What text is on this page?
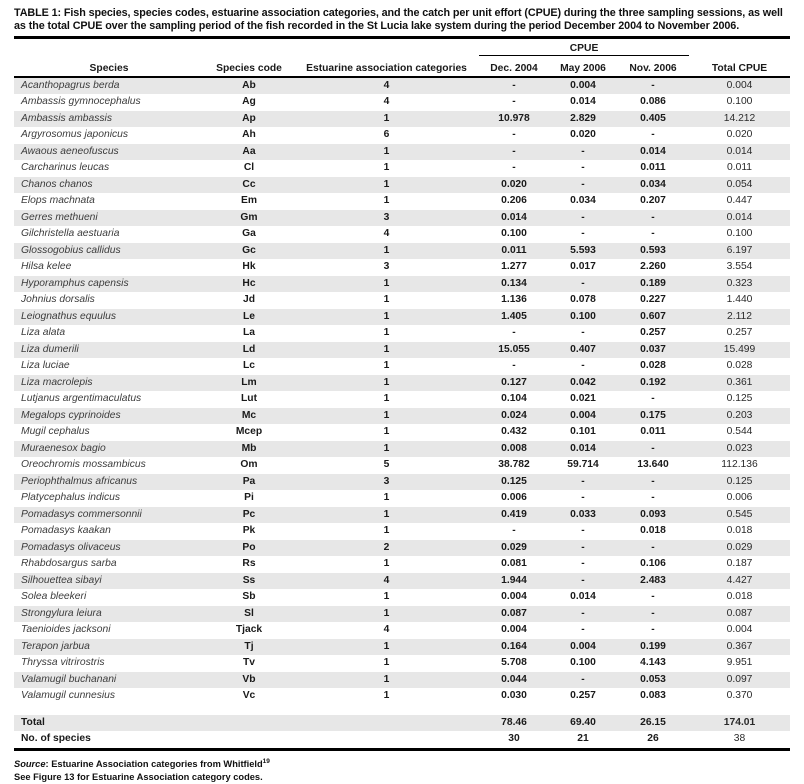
TABLE 1: Fish species, species codes, estuarine association categories, and the catch per unit effort (CPUE) during the three sampling sessions, as well as the total CPUE over the sampling period of the fish recorded in the St Lucia lake system during the period December 2004 to November 2006.
			CPUE			
Species	Species code	Estuarine association categories	Dec. 2004	May 2006	Nov. 2006	Total CPUE
Acanthopagrus berda	Ab	4	-	0.004	-	0.004
Ambassis gymnocephalus	Ag	4	-	0.014	0.086	0.100
Ambassis ambassis	Ap	1	10.978	2.829	0.405	14.212
Argyrosomus japonicus	Ah	6	-	0.020	-	0.020
Awaous aeneofuscus	Aa	1	-	-	0.014	0.014
Carcharinus leucas	Cl	1	-	-	0.011	0.011
Chanos chanos	Cc	1	0.020	-	0.034	0.054
Elops machnata	Em	1	0.206	0.034	0.207	0.447
Gerres methueni	Gm	3	0.014	-	-	0.014
Gilchristella aestuaria	Ga	4	0.100	-	-	0.100
Glossogobius callidus	Gc	1	0.011	5.593	0.593	6.197
Hilsa kelee	Hk	3	1.277	0.017	2.260	3.554
Hyporamphus capensis	Hc	1	0.134	-	0.189	0.323
Johnius dorsalis	Jd	1	1.136	0.078	0.227	1.440
Leiognathus equulus	Le	1	1.405	0.100	0.607	2.112
Liza alata	La	1	-	-	0.257	0.257
Liza dumerili	Ld	1	15.055	0.407	0.037	15.499
Liza luciae	Lc	1	-	-	0.028	0.028
Liza macrolepis	Lm	1	0.127	0.042	0.192	0.361
Lutjanus argentimaculatus	Lut	1	0.104	0.021	-	0.125
Megalops cyprinoides	Mc	1	0.024	0.004	0.175	0.203
Mugil cephalus	Mcep	1	0.432	0.101	0.011	0.544
Muraenesox bagio	Mb	1	0.008	0.014	-	0.023
Oreochromis mossambicus	Om	5	38.782	59.714	13.640	112.136
Periophthalmus africanus	Pa	3	0.125	-	-	0.125
Platycephalus indicus	Pi	1	0.006	-	-	0.006
Pomadasys commersonnii	Pc	1	0.419	0.033	0.093	0.545
Pomadasys kaakan	Pk	1	-	-	0.018	0.018
Pomadasys olivaceus	Po	2	0.029	-	-	0.029
Rhabdosargus sarba	Rs	1	0.081	-	0.106	0.187
Silhouettea sibayi	Ss	4	1.944	-	2.483	4.427
Solea bleekeri	Sb	1	0.004	0.014	-	0.018
Strongylura leiura	Sl	1	0.087	-	-	0.087
Taenioides jacksoni	Tjack	4	0.004	-	-	0.004
Terapon jarbua	Tj	1	0.164	0.004	0.199	0.367
Thryssa vitrirostris	Tv	1	5.708	0.100	4.143	9.951
Valamugil buchanani	Vb	1	0.044	-	0.053	0.097
Valamugil cunnesius	Vc	1	0.030	0.257	0.083	0.370

Total			78.46	69.40	26.15	174.01
No. of species			30	21	26	38
Source: Estuarine Association categories from Whitfield$^{19}$
See Figure 13 for Estuarine Association category codes.
